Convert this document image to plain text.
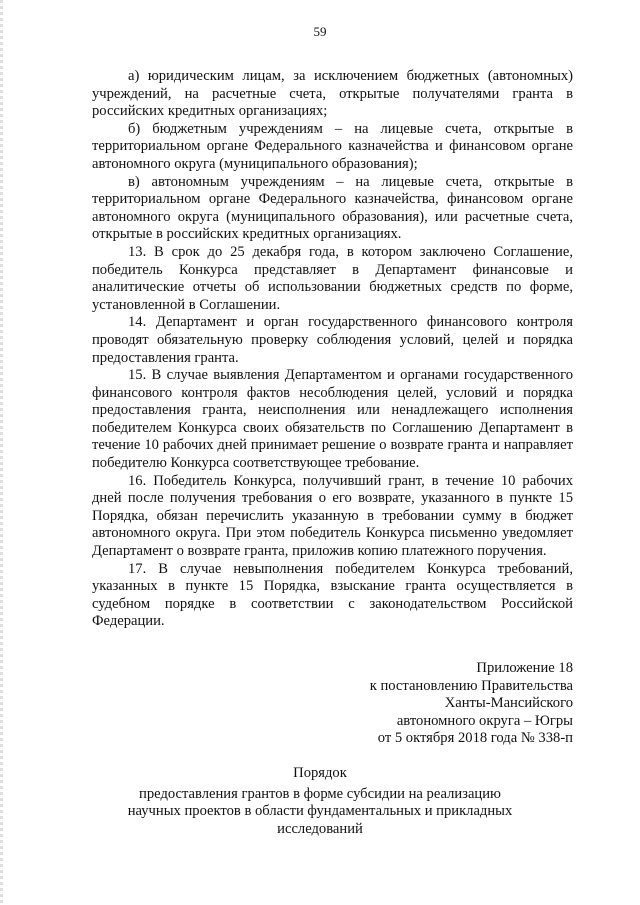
59

а) юридическим лицам, за исключением бюджетных (автономных) учреждений, на расчетные счета, открытые получателями гранта в российских кредитных организациях;

б) бюджетным учреждениям – на лицевые счета, открытые в территориальном органе Федерального казначейства и финансовом органе автономного округа (муниципального образования);

в) автономным учреждениям – на лицевые счета, открытые в территориальном органе Федерального казначейства, финансовом органе автономного округа (муниципального образования), или расчетные счета, открытые в российских кредитных организациях.

13. В срок до 25 декабря года, в котором заключено Соглашение, победитель Конкурса представляет в Департамент финансовые и аналитические отчеты об использовании бюджетных средств по форме, установленной в Соглашении.

14. Департамент и орган государственного финансового контроля проводят обязательную проверку соблюдения условий, целей и порядка предоставления гранта.

15. В случае выявления Департаментом и органами государственного финансового контроля фактов несоблюдения целей, условий и порядка предоставления гранта, неисполнения или ненадлежащего исполнения победителем Конкурса своих обязательств по Соглашению Департамент в течение 10 рабочих дней принимает решение о возврате гранта и направляет победителю Конкурса соответствующее требование.

16. Победитель Конкурса, получивший грант, в течение 10 рабочих дней после получения требования о его возврате, указанного в пункте 15 Порядка, обязан перечислить указанную в требовании сумму в бюджет автономного округа. При этом победитель Конкурса письменно уведомляет Департамент о возврате гранта, приложив копию платежного поручения.

17. В случае невыполнения победителем Конкурса требований, указанных в пункте 15 Порядка, взыскание гранта осуществляется в судебном порядке в соответствии с законодательством Российской Федерации.

Приложение 18
к постановлению Правительства
Ханты-Мансийского
автономного округа – Югры
от 5 октября 2018 года № 338-п
Порядок
предоставления грантов в форме субсидии на реализацию
научных проектов в области фундаментальных и прикладных
исследований
